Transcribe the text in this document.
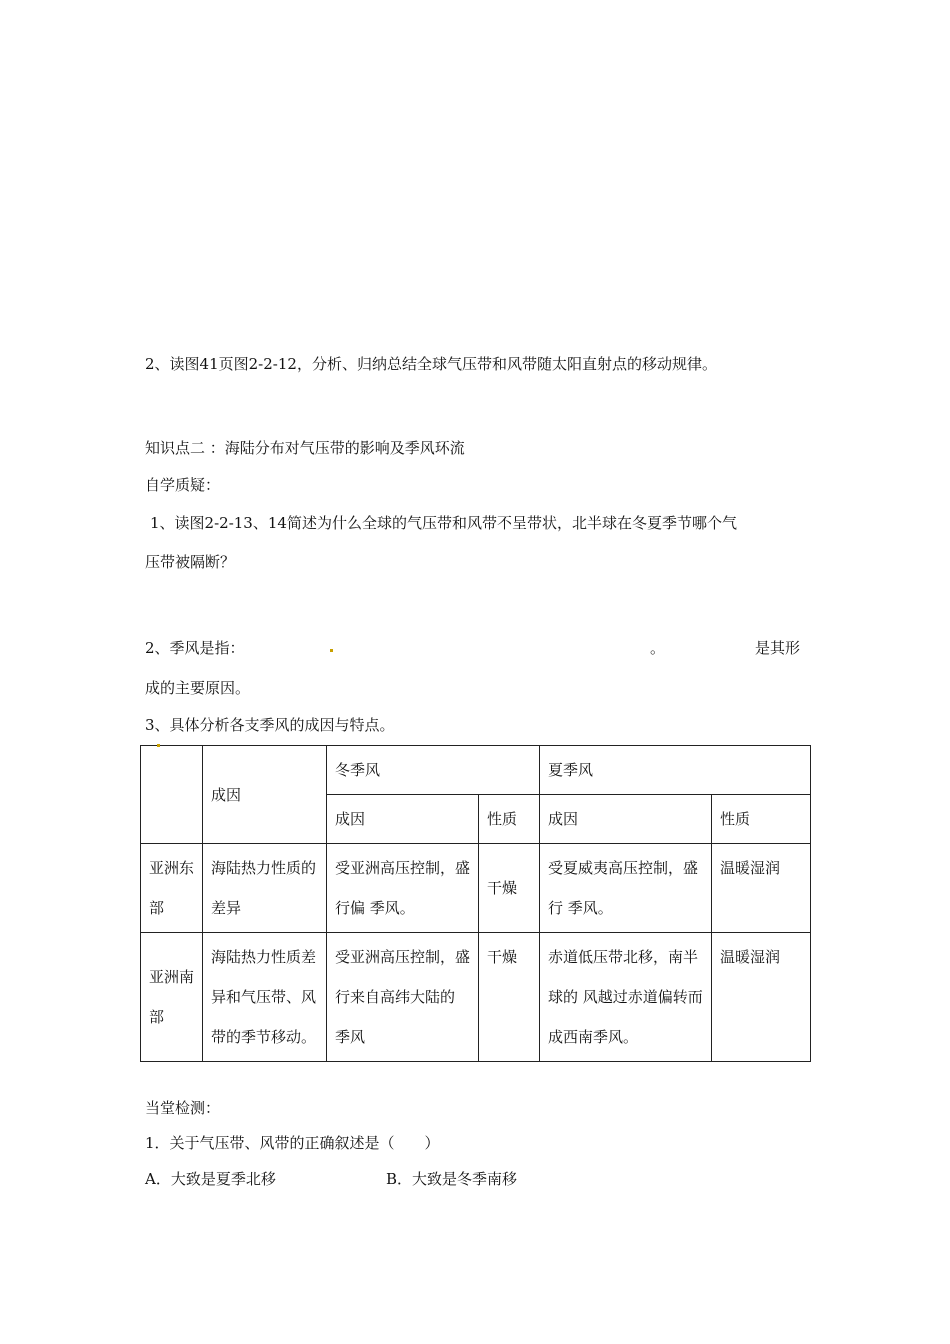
2、读图41页图2-2-12，分析、归纳总结全球气压带和风带随太阳直射点的移动规律。
知识点二 ：海陆分布对气压带的影响及季风环流
自学质疑：
1、读图2-2-13、14简述为什么全球的气压带和风带不呈带状，北半球在冬夏季节哪个气
压带被隔断？
2、季风是指：	。	是其形
成的主要原因。
3、具体分析各支季风的成因与特点。
	成因	冬季风		夏季风	
		成因	性质	成因	性质
亚洲东部	海陆热力性质的差异	受亚洲高压控制，盛行偏 季风。	干燥	受夏威夷高压控制，盛行 季风。	温暖湿润
亚洲南部	海陆热力性质差异和气压带、风带的季节移动。	受亚洲高压控制，盛行来自高纬大陆的 季风	干燥	赤道低压带北移，南半球的 风越过赤道偏转而成西南季风。	温暖湿润
当堂检测：
1．关于气压带、风带的正确叙述是（　　）
A．大致是夏季北移	B．大致是冬季南移
